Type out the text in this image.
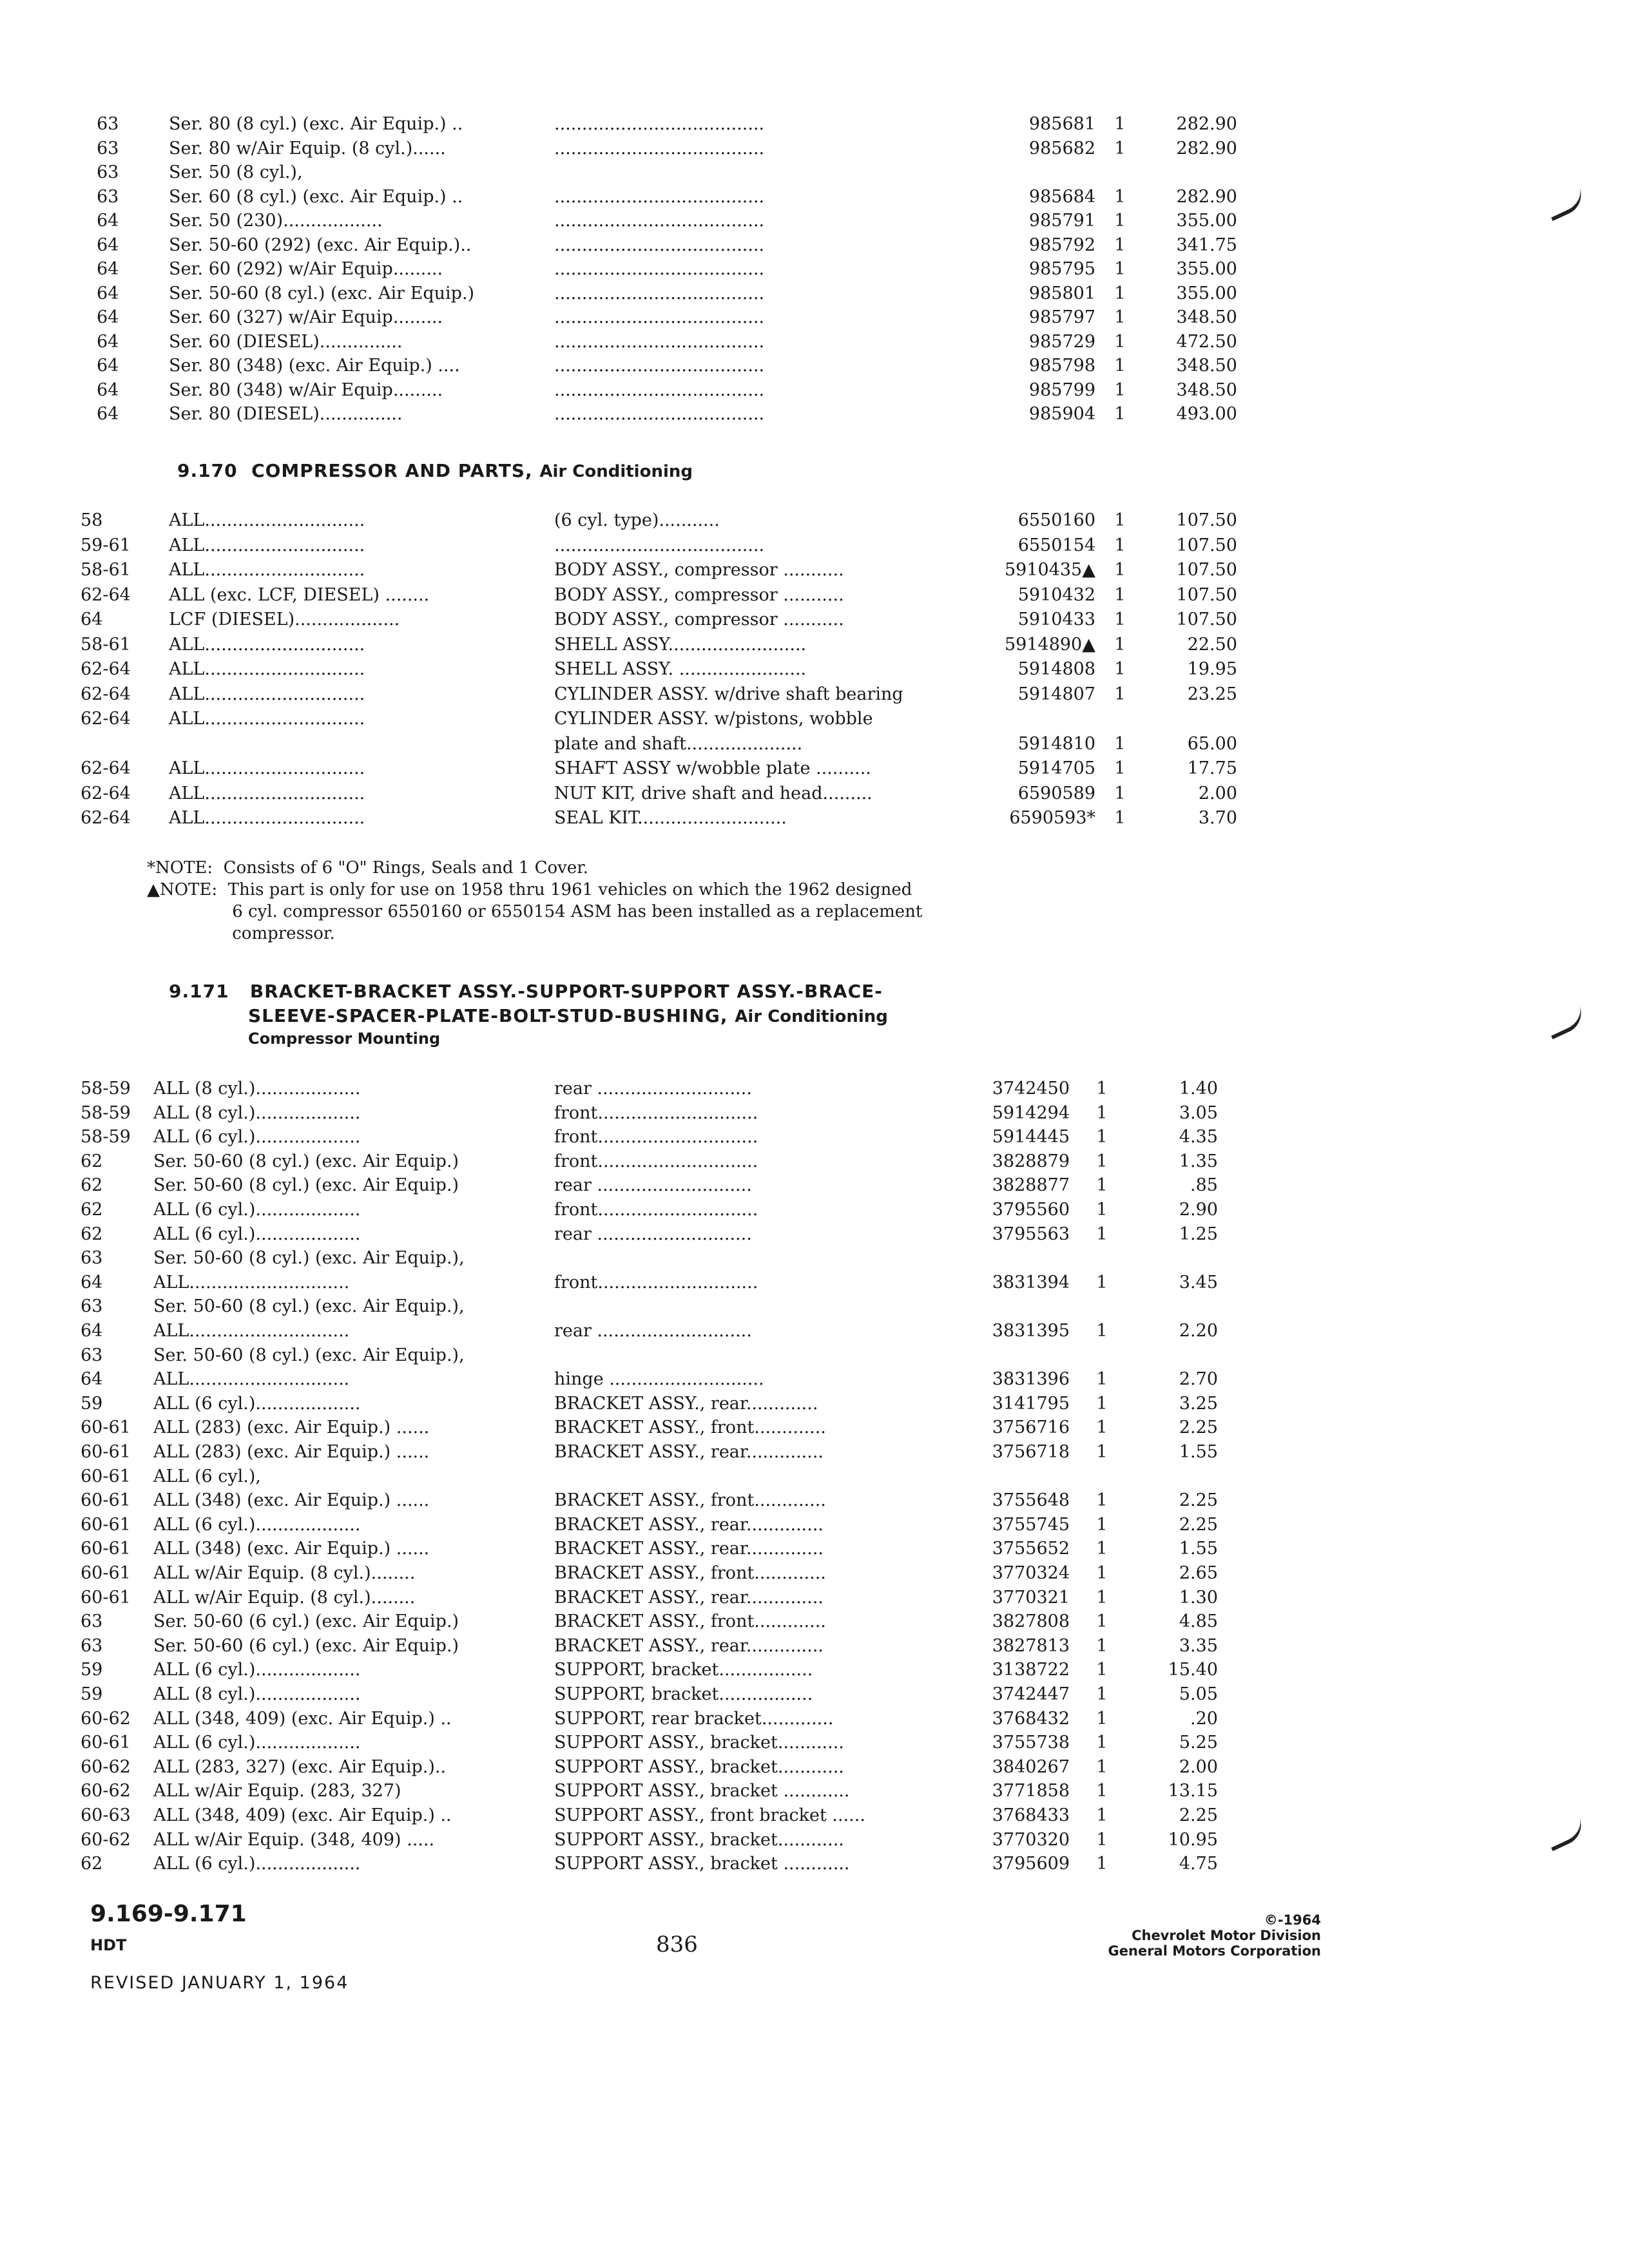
63	Ser. 80 (8 cyl.) (exc. Air Equip.) ..	......................................	985681	1	282.90
63	Ser. 80 w/Air Equip. (8 cyl.)......	......................................	985682	1	282.90
63	Ser. 50 (8 cyl.),
63	Ser. 60 (8 cyl.) (exc. Air Equip.) ..	......................................	985684	1	282.90
64	Ser. 50 (230)..................	......................................	985791	1	355.00
64	Ser. 50-60 (292) (exc. Air Equip.)..	......................................	985792	1	341.75
64	Ser. 60 (292) w/Air Equip.........	......................................	985795	1	355.00
64	Ser. 50-60 (8 cyl.) (exc. Air Equip.)	......................................	985801	1	355.00
64	Ser. 60 (327) w/Air Equip.........	......................................	985797	1	348.50
64	Ser. 60 (DIESEL)...............	......................................	985729	1	472.50
64	Ser. 80 (348) (exc. Air Equip.) ....	......................................	985798	1	348.50
64	Ser. 80 (348) w/Air Equip.........	......................................	985799	1	348.50
64	Ser. 80 (DIESEL)...............	......................................	985904	1	493.00
9.170 COMPRESSOR AND PARTS, Air Conditioning
58	ALL.............................	(6 cyl. type)...........	6550160	1	107.50
59-61	ALL.............................	......................................	6550154	1	107.50
58-61	ALL.............................	BODY ASSY., compressor ...........	5910435▲	1	107.50
62-64	ALL (exc. LCF, DIESEL) ........	BODY ASSY., compressor ...........	5910432	1	107.50
64	LCF (DIESEL)...................	BODY ASSY., compressor ...........	5910433	1	107.50
58-61	ALL.............................	SHELL ASSY.........................	5914890▲	1	22.50
62-64	ALL.............................	SHELL ASSY. .......................	5914808	1	19.95
62-64	ALL.............................	CYLINDER ASSY. w/drive shaft bearing	5914807	1	23.25
62-64	ALL.............................	CYLINDER ASSY. w/pistons, wobble
plate and shaft.....................	5914810	1	65.00
62-64	ALL.............................	SHAFT ASSY w/wobble plate ..........	5914705	1	17.75
62-64	ALL.............................	NUT KIT, drive shaft and head.........	6590589	1	2.00
62-64	ALL.............................	SEAL KIT...........................	6590593*	1	3.70
*NOTE:  Consists of 6 "O" Rings, Seals and 1 Cover.
▲NOTE:  This part is only for use on 1958 thru 1961 vehicles on which the 1962 designed
6 cyl. compressor 6550160 or 6550154 ASM has been installed as a replacement
compressor.
9.171 BRACKET-BRACKET ASSY.-SUPPORT-SUPPORT ASSY.-BRACE-
SLEEVE-SPACER-PLATE-BOLT-STUD-BUSHING, Air Conditioning
Compressor Mounting
58-59	ALL (8 cyl.)...................	rear ............................	3742450	1	1.40
58-59	ALL (8 cyl.)...................	front.............................	5914294	1	3.05
58-59	ALL (6 cyl.)...................	front.............................	5914445	1	4.35
62	Ser. 50-60 (8 cyl.) (exc. Air Equip.)	front.............................	3828879	1	1.35
62	Ser. 50-60 (8 cyl.) (exc. Air Equip.)	rear ............................	3828877	1	.85
62	ALL (6 cyl.)...................	front.............................	3795560	1	2.90
62	ALL (6 cyl.)...................	rear ............................	3795563	1	1.25
63	Ser. 50-60 (8 cyl.) (exc. Air Equip.),
64	ALL.............................	front.............................	3831394	1	3.45
63	Ser. 50-60 (8 cyl.) (exc. Air Equip.),
64	ALL.............................	rear ............................	3831395	1	2.20
63	Ser. 50-60 (8 cyl.) (exc. Air Equip.),
64	ALL.............................	hinge ............................	3831396	1	2.70
59	ALL (6 cyl.)...................	BRACKET ASSY., rear.............	3141795	1	3.25
60-61	ALL (283) (exc. Air Equip.) ......	BRACKET ASSY., front.............	3756716	1	2.25
60-61	ALL (283) (exc. Air Equip.) ......	BRACKET ASSY., rear..............	3756718	1	1.55
60-61	ALL (6 cyl.),
60-61	ALL (348) (exc. Air Equip.) ......	BRACKET ASSY., front.............	3755648	1	2.25
60-61	ALL (6 cyl.)...................	BRACKET ASSY., rear..............	3755745	1	2.25
60-61	ALL (348) (exc. Air Equip.) ......	BRACKET ASSY., rear..............	3755652	1	1.55
60-61	ALL w/Air Equip. (8 cyl.)........	BRACKET ASSY., front.............	3770324	1	2.65
60-61	ALL w/Air Equip. (8 cyl.)........	BRACKET ASSY., rear..............	3770321	1	1.30
63	Ser. 50-60 (6 cyl.) (exc. Air Equip.)	BRACKET ASSY., front.............	3827808	1	4.85
63	Ser. 50-60 (6 cyl.) (exc. Air Equip.)	BRACKET ASSY., rear..............	3827813	1	3.35
59	ALL (6 cyl.)...................	SUPPORT, bracket.................	3138722	1	15.40
59	ALL (8 cyl.)...................	SUPPORT, bracket.................	3742447	1	5.05
60-62	ALL (348, 409) (exc. Air Equip.) ..	SUPPORT, rear bracket.............	3768432	1	.20
60-61	ALL (6 cyl.)...................	SUPPORT ASSY., bracket............	3755738	1	5.25
60-62	ALL (283, 327) (exc. Air Equip.)..	SUPPORT ASSY., bracket............	3840267	1	2.00
60-62	ALL w/Air Equip. (283, 327)	SUPPORT ASSY., bracket ............	3771858	1	13.15
60-63	ALL (348, 409) (exc. Air Equip.) ..	SUPPORT ASSY., front bracket ......	3768433	1	2.25
60-62	ALL w/Air Equip. (348, 409) .....	SUPPORT ASSY., bracket............	3770320	1	10.95
62	ALL (6 cyl.)...................	SUPPORT ASSY., bracket ............	3795609	1	4.75
9.169-9.171
HDT	836
©-1964
Chevrolet Motor Division
General Motors Corporation
REVISED JANUARY 1, 1964
